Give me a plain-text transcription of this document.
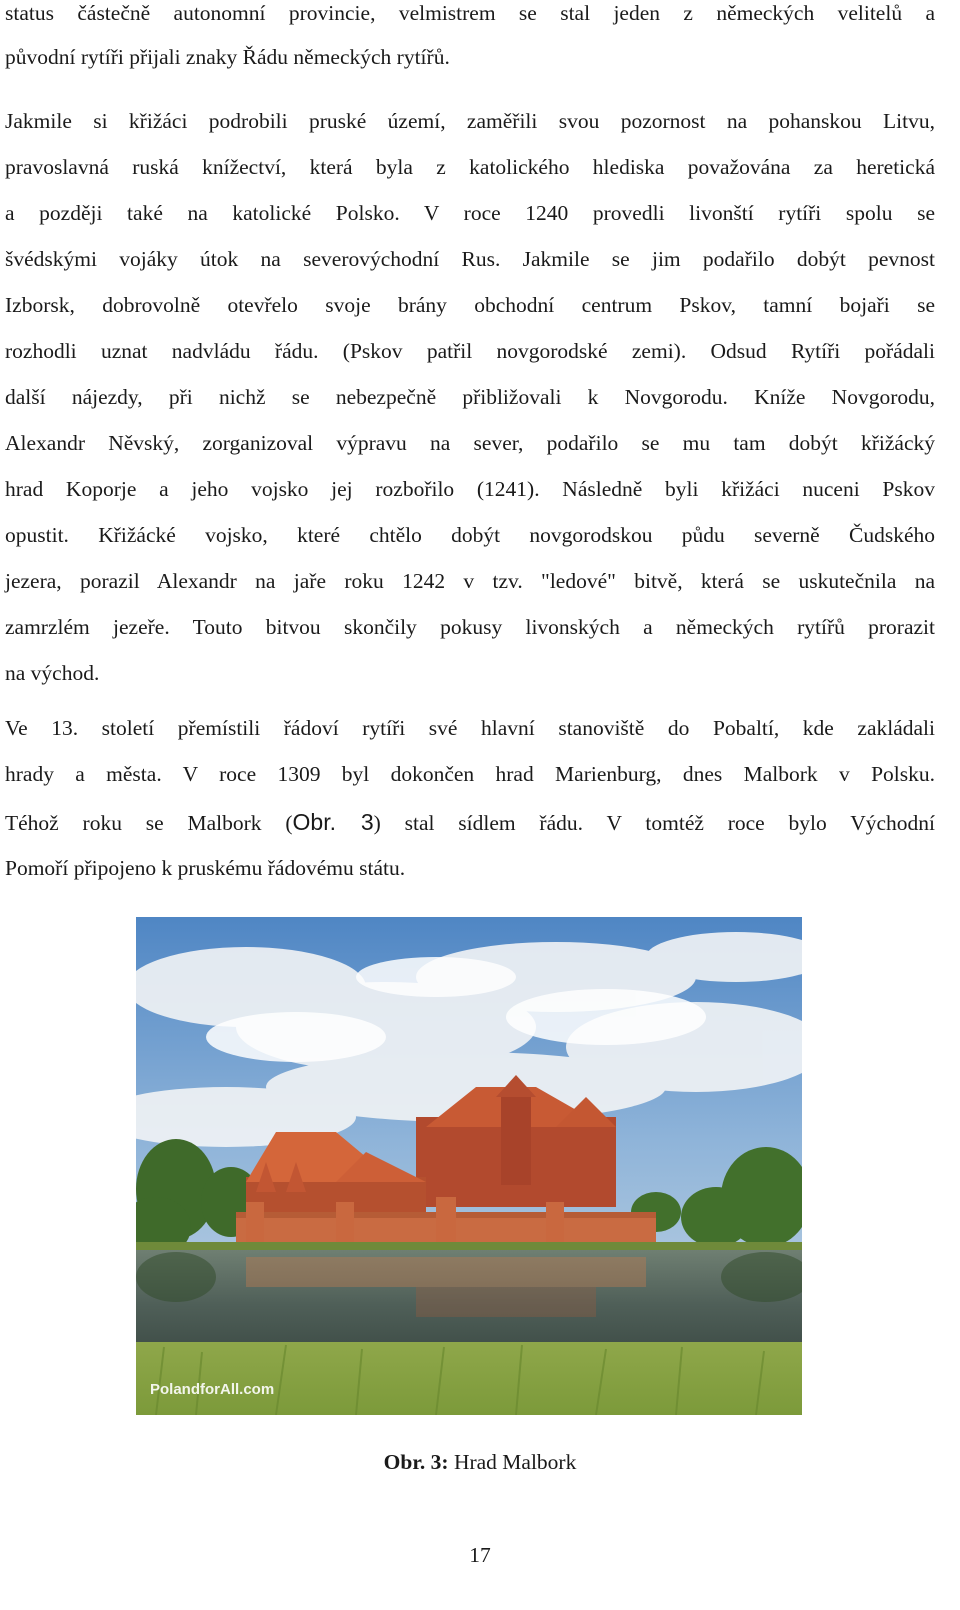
status částečně autonomní provincie, velmistrem se stal jeden z německých velitelů a
původní rytíři přijali znaky Řádu německých rytířů.
Jakmile si křižáci podrobili pruské území, zaměřili svou pozornost na pohanskou Litvu,
pravoslavná ruská knížectví, která byla z katolického hlediska považována za heretická
a později také na katolické Polsko. V roce 1240 provedli livonští rytíři spolu se
švédskými vojáky útok na severovýchodní Rus. Jakmile se jim podařilo dobýt pevnost
Izborsk, dobrovolně otevřelo svoje brány obchodní centrum Pskov, tamní bojaři se
rozhodli uznat nadvládu řádu. (Pskov patřil novgorodské zemi). Odsud Rytíři pořádali
další nájezdy, při nichž se nebezpečně přibližovali k Novgorodu. Kníže Novgorodu,
Alexandr Něvský, zorganizoval výpravu na sever, podařilo se mu tam dobýt křižácký
hrad Koporje a jeho vojsko jej rozbořilo (1241). Následně byli křižáci nuceni Pskov
opustit. Křižácké vojsko, které chtělo dobýt novgorodskou půdu severně Čudského
jezera, porazil Alexandr na jaře roku 1242 v tzv. "ledové" bitvě, která se uskutečnila na
zamrzlém jezeře. Touto bitvou skončily pokusy livonských a německých rytířů prorazit
na východ.
Ve 13. století přemístili řádoví rytíři své hlavní stanoviště do Pobaltí, kde zakládali
hrady a města. V roce 1309 byl dokončen hrad Marienburg, dnes Malbork v Polsku.
Téhož roku se Malbork (Obr. 3) stal sídlem řádu. V tomtéž roce bylo Východní
Pomoří připojeno k pruskému řádovému státu.
PolandforAll.com
Obr. 3: Hrad Malbork
17
